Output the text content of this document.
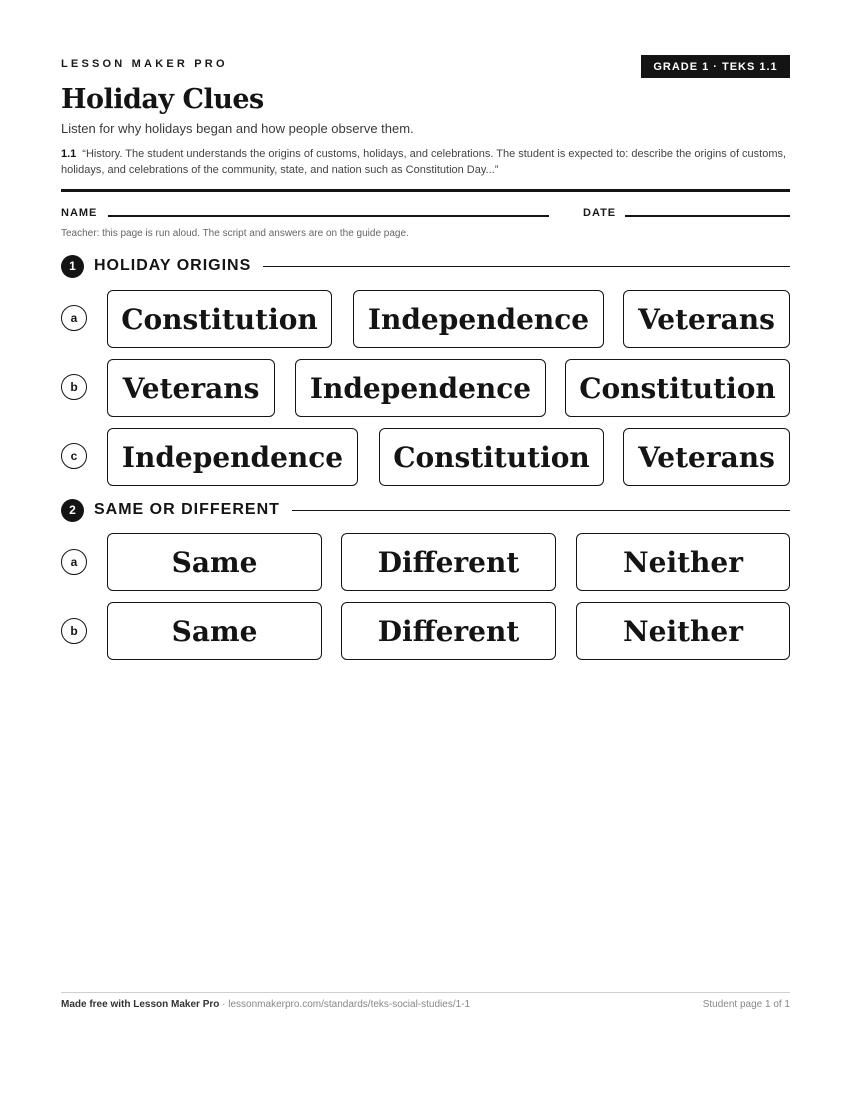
LESSON MAKER PRO	GRADE 1 · TEKS 1.1
Holiday Clues
Listen for why holidays began and how people observe them.
1.1 “History. The student understands the origins of customs, holidays, and celebrations. The student is expected to: describe the origins of customs, holidays, and celebrations of the community, state, and nation such as Constitution Day...”
NAME	DATE
Teacher: this page is run aloud. The script and answers are on the guide page.
1	HOLIDAY ORIGINS
a	Constitution	Independence	Veterans
b	Veterans	Independence	Constitution
c	Independence	Constitution	Veterans
2	SAME OR DIFFERENT
a	Same	Different	Neither
b	Same	Different	Neither
Made free with Lesson Maker Pro · lessonmakerpro.com/standards/teks-social-studies/1-1	Student page 1 of 1
